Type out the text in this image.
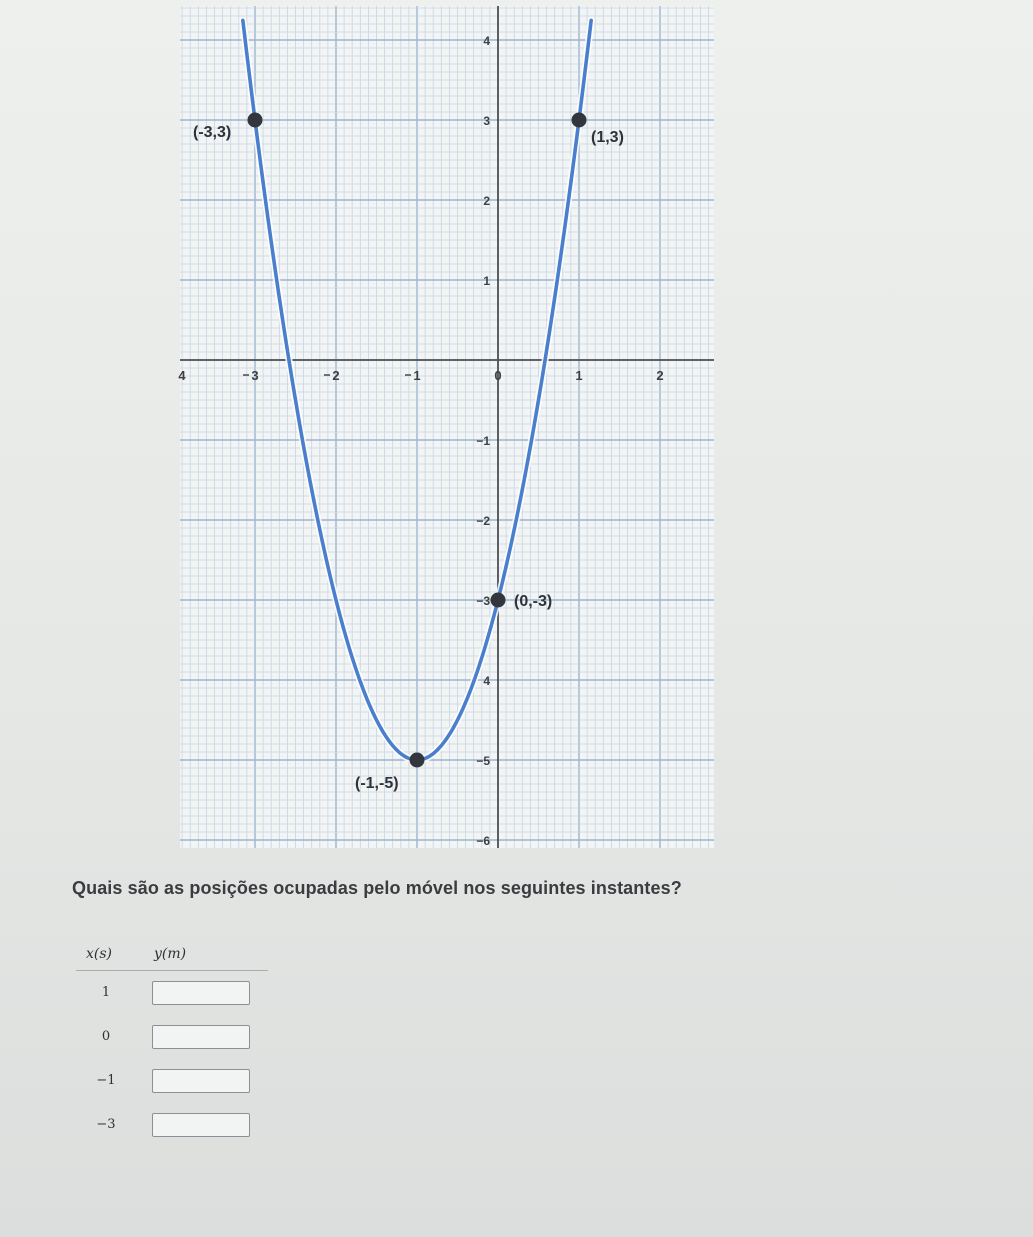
4	3	2	1	0	1	2
4
3
2
1
−1
−2
−3
4
−5
−6
(-3,3)	(1,3)
(0,-3)
(-1,-5)
Quais são as posições ocupadas pelo móvel nos seguintes instantes?
x(s)	y(m)
1
0
−1
−3
